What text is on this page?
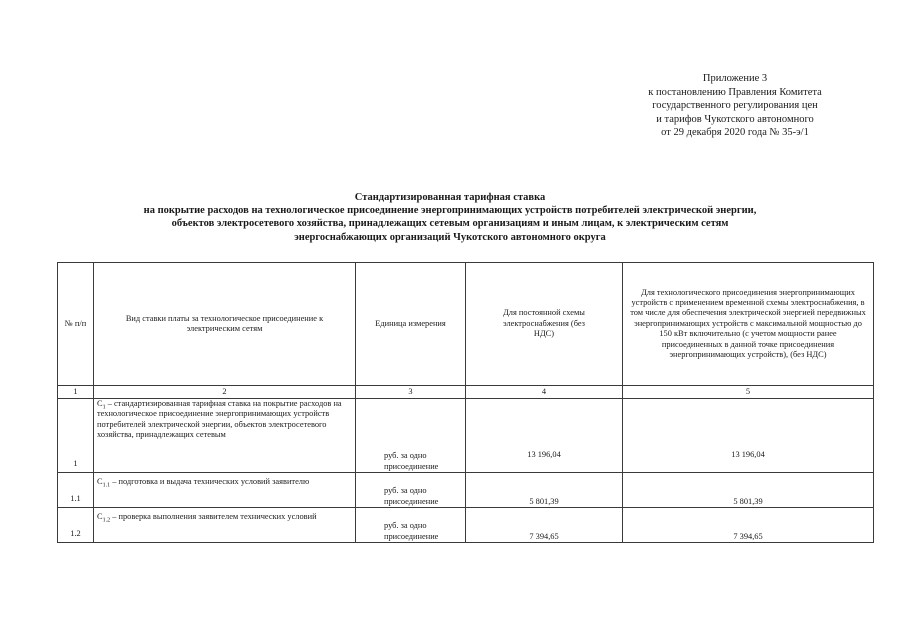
Приложение 3
к постановлению Правления Комитета
государственного регулирования цен
и тарифов Чукотского автономного
от 29 декабря 2020 года № 35-э/1
Стандартизированная тарифная ставка
на покрытие расходов на технологическое присоединение энергопринимающих устройств потребителей электрической энергии,
объектов электросетевого хозяйства, принадлежащих сетевым организациям и иным лицам, к электрическим сетям
энергоснабжающих организаций Чукотского автономного округа
№ п/п	Вид ставки платы за технологическое присоединение к электрическим сетям	Единица измерения	Для постоянной схемы электроснабжения (без НДС)	Для технологического присоединения энергопринимающих устройств с применением временной схемы электроснабжения, в том числе для обеспечения электрической энергией передвижных энергопринимающих устройств с максимальной мощностью до 150 кВт включительно (с учетом мощности ранее присоединенных в данной точке присоединения энергопринимающих устройств), (без НДС)
1	2	3	4	5
1	$C_1$ – стандартизированная тарифная ставка на покрытие расходов на технологическое присоединение энергопринимающих устройств потребителей электрической энергии, объектов электросетевого хозяйства, принадлежащих сетевым	руб. за одно присоединение	13 196,04	13 196,04
1.1	$C_{1.1}$ – подготовка и выдача технических условий заявителю	руб. за одно присоединение	5 801,39	5 801,39
1.2	$C_{1.2}$ – проверка выполнения заявителем технических условий	руб. за одно присоединение	7 394,65	7 394,65
